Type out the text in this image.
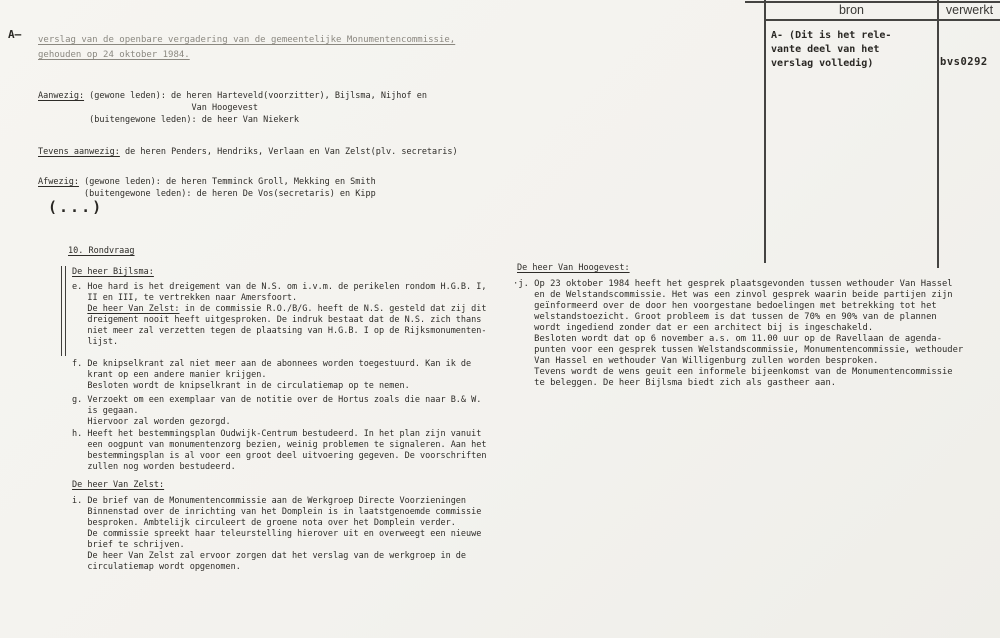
bron	verwerkt
A- (Dit is het rele-
vante deel van het
verslag volledig)	bvs0292
A— verslag van de openbare vergadering van de gemeentelijke Monumentencommissie,
gehouden op 24 oktober 1984.
Aanwezig: (gewone leden): de heren Harteveld(voorzitter), Bijlsma, Nijhof en
Van Hoogevest
(buitengewone leden): de heer Van Niekerk
Tevens aanwezig: de heren Penders, Hendriks, Verlaan en Van Zelst(plv. secretaris)
Afwezig: (gewone leden): de heren Temminck Groll, Mekking en Smith
(buitengewone leden): de heren De Vos(secretaris) en Kipp
(...)
10. Rondvraag
De heer Bijlsma:
e. Hoe hard is het dreigement van de N.S. om i.v.m. de perikelen rondom H.G.B. I,
II en III, te vertrekken naar Amersfoort.
De heer Van Zelst: in de commissie R.O./B/G. heeft de N.S. gesteld dat zij dit
dreigement nooit heeft uitgesproken. De indruk bestaat dat de N.S. zich thans
niet meer zal verzetten tegen de plaatsing van H.G.B. I op de Rijksmonumenten-
lijst.
f. De knipselkrant zal niet meer aan de abonnees worden toegestuurd. Kan ik de
krant op een andere manier krijgen.
Besloten wordt de knipselkrant in de circulatiemap op te nemen.
g. Verzoekt om een exemplaar van de notitie over de Hortus zoals die naar B.& W.
is gegaan.
Hiervoor zal worden gezorgd.
h. Heeft het bestemmingsplan Oudwijk-Centrum bestudeerd. In het plan zijn vanuit
een oogpunt van monumentenzorg bezien, weinig problemen te signaleren. Aan het
bestemmingsplan is al voor een groot deel uitvoering gegeven. De voorschriften
zullen nog worden bestudeerd.
De heer Van Zelst:
i. De brief van de Monumentencommissie aan de Werkgroep Directe Voorzieningen
Binnenstad over de inrichting van het Domplein is in laatstgenoemde commissie
besproken. Ambtelijk circuleert de groene nota over het Domplein verder.
De commissie spreekt haar teleurstelling hierover uit en overweegt een nieuwe
brief te schrijven.
De heer Van Zelst zal ervoor zorgen dat het verslag van de werkgroep in de
circulatiemap wordt opgenomen.
De heer Van Hoogevest:
·j. Op 23 oktober 1984 heeft het gesprek plaatsgevonden tussen wethouder Van Hassel
en de Welstandscommissie. Het was een zinvol gesprek waarin beide partijen zijn
geïnformeerd over de door hen voorgestane bedoelingen met betrekking tot het
welstandstoezicht. Groot probleem is dat tussen de 70% en 90% van de plannen
wordt ingediend zonder dat er een architect bij is ingeschakeld.
Besloten wordt dat op 6 november a.s. om 11.00 uur op de Ravellaan de agenda-
punten voor een gesprek tussen Welstandscommissie, Monumentencommissie, wethouder
Van Hassel en wethouder Van Willigenburg zullen worden besproken.
Tevens wordt de wens geuit een informele bijeenkomst van de Monumentencommissie
te beleggen. De heer Bijlsma biedt zich als gastheer aan.
